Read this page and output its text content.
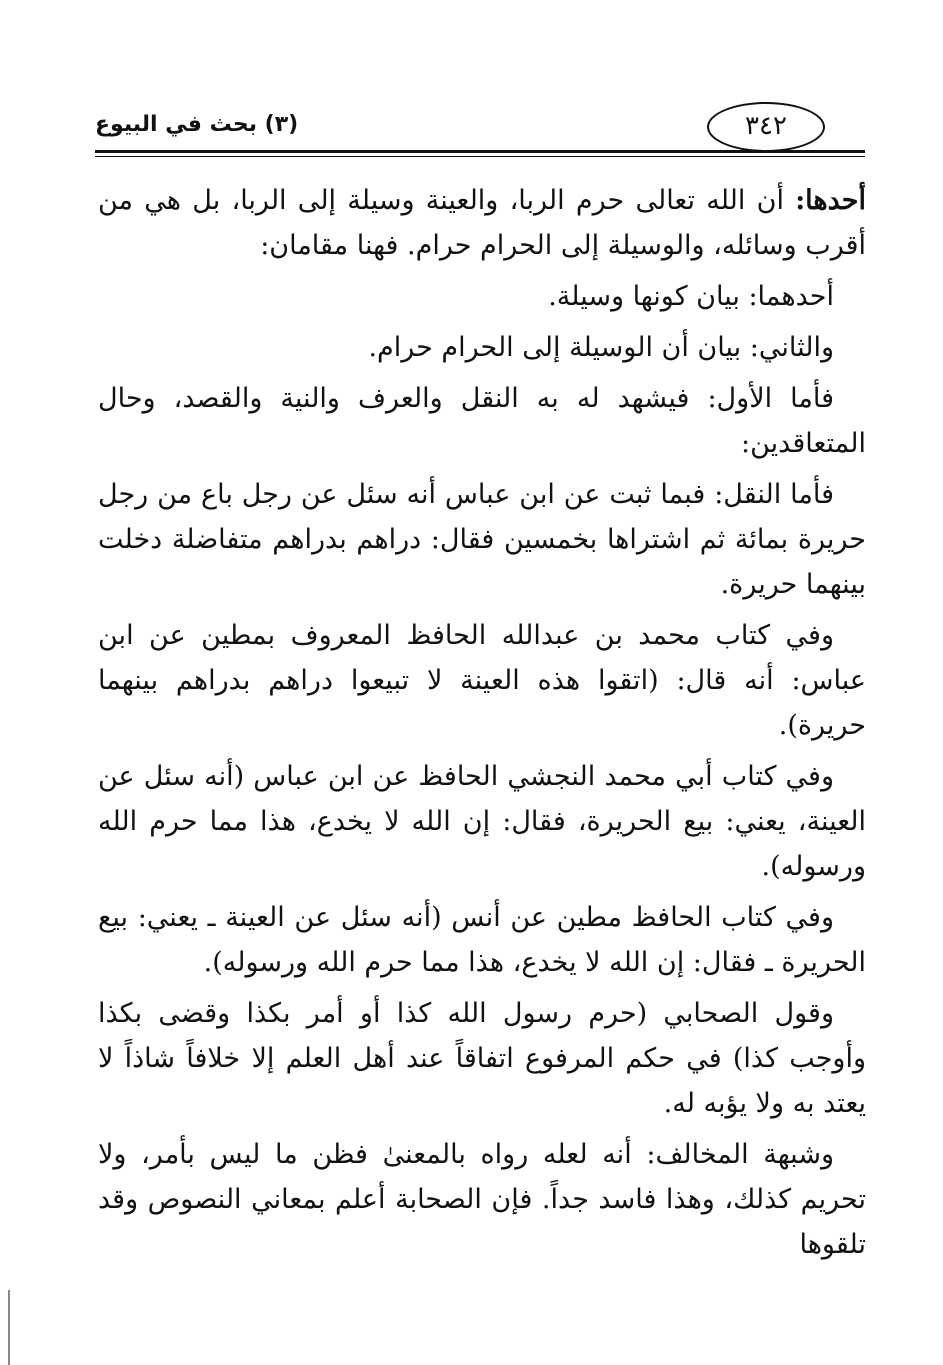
(٣) بحث في البيوع	٣٤٢

أحدها: أن الله تعالى حرم الربا، والعينة وسيلة إلى الربا، بل هي من أقرب وسائله، والوسيلة إلى الحرام حرام. فهنا مقامان:

أحدهما: بيان كونها وسيلة.

والثاني: بيان أن الوسيلة إلى الحرام حرام.

فأما الأول: فيشهد له به النقل والعرف والنية والقصد، وحال المتعاقدين:

فأما النقل: فبما ثبت عن ابن عباس أنه سئل عن رجل باع من رجل حريرة بمائة ثم اشتراها بخمسين فقال: دراهم بدراهم متفاضلة دخلت بينهما حريرة.

وفي كتاب محمد بن عبدالله الحافظ المعروف بمطين عن ابن عباس: أنه قال: (اتقوا هذه العينة لا تبيعوا دراهم بدراهم بينهما حريرة).

وفي كتاب أبي محمد النجشي الحافظ عن ابن عباس (أنه سئل عن العينة، يعني: بيع الحريرة، فقال: إن الله لا يخدع، هذا مما حرم الله ورسوله).

وفي كتاب الحافظ مطين عن أنس (أنه سئل عن العينة ـ يعني: بيع الحريرة ـ فقال: إن الله لا يخدع، هذا مما حرم الله ورسوله).

وقول الصحابي (حرم رسول الله كذا أو أمر بكذا وقضى بكذا وأوجب كذا) في حكم المرفوع اتفاقاً عند أهل العلم إلا خلافاً شاذاً لا يعتد به ولا يؤبه له.

وشبهة المخالف: أنه لعله رواه بالمعنىٰ فظن ما ليس بأمر، ولا تحريم كذلك، وهذا فاسد جداً. فإن الصحابة أعلم بمعاني النصوص وقد تلقوها
